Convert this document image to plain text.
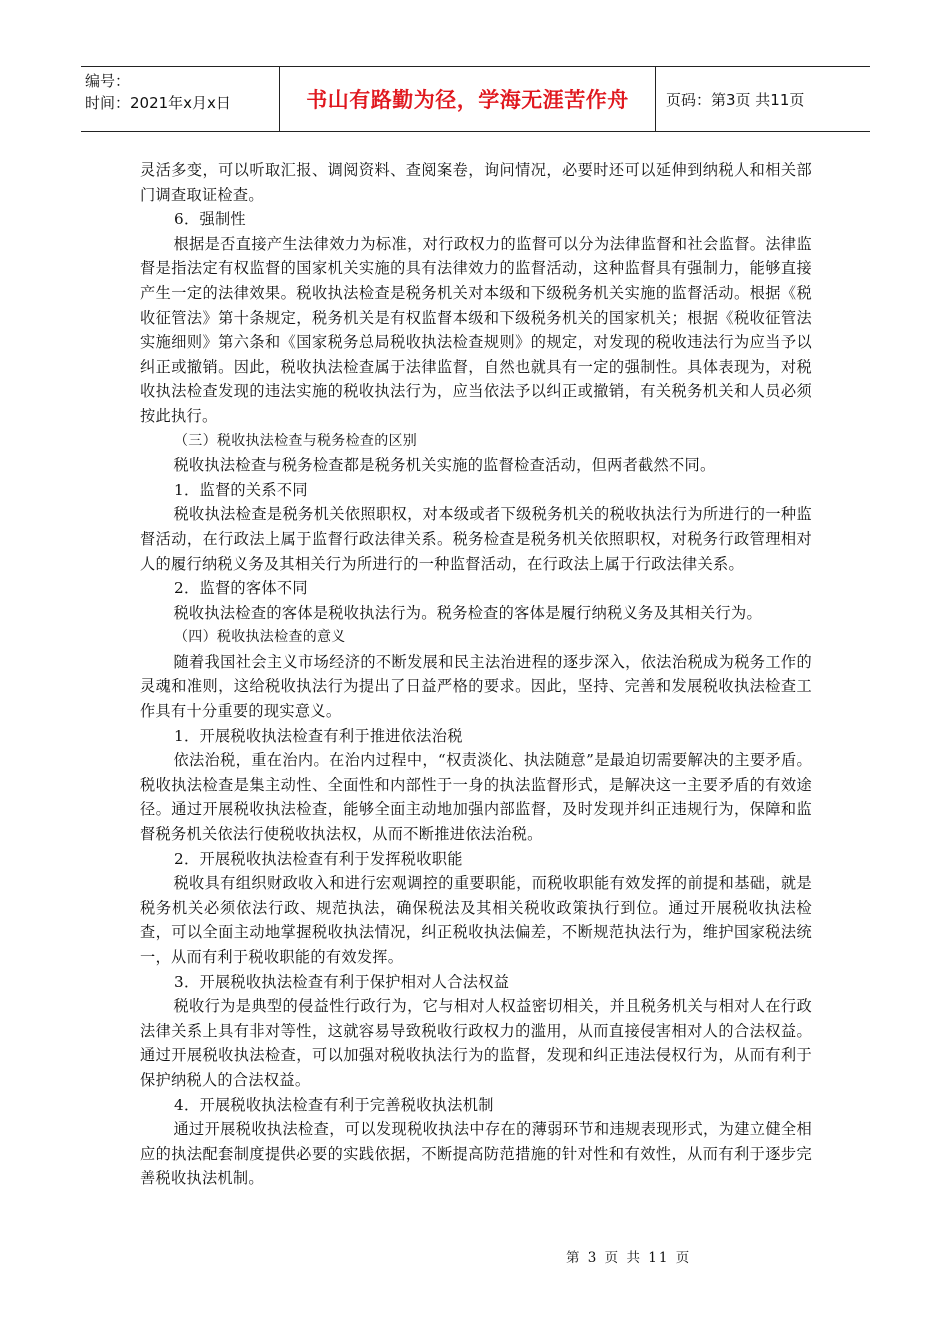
编号：
时间：2021年x月x日	书山有路勤为径，学海无涯苦作舟	页码：第3页 共11页

灵活多变，可以听取汇报、调阅资料、查阅案卷，询问情况，必要时还可以延伸到纳税人和相关部门调查取证检查。

6．强制性

根据是否直接产生法律效力为标准，对行政权力的监督可以分为法律监督和社会监督。法律监督是指法定有权监督的国家机关实施的具有法律效力的监督活动，这种监督具有强制力，能够直接产生一定的法律效果。税收执法检查是税务机关对本级和下级税务机关实施的监督活动。根据《税收征管法》第十条规定，税务机关是有权监督本级和下级税务机关的国家机关；根据《税收征管法实施细则》第六条和《国家税务总局税收执法检查规则》的规定，对发现的税收违法行为应当予以纠正或撤销。因此，税收执法检查属于法律监督，自然也就具有一定的强制性。具体表现为，对税收执法检查发现的违法实施的税收执法行为，应当依法予以纠正或撤销，有关税务机关和人员必须按此执行。

（三）税收执法检查与税务检查的区别

税收执法检查与税务检查都是税务机关实施的监督检查活动，但两者截然不同。

1．监督的关系不同

税收执法检查是税务机关依照职权，对本级或者下级税务机关的税收执法行为所进行的一种监督活动，在行政法上属于监督行政法律关系。税务检查是税务机关依照职权，对税务行政管理相对人的履行纳税义务及其相关行为所进行的一种监督活动，在行政法上属于行政法律关系。

2．监督的客体不同

税收执法检查的客体是税收执法行为。税务检查的客体是履行纳税义务及其相关行为。

（四）税收执法检查的意义

随着我国社会主义市场经济的不断发展和民主法治进程的逐步深入，依法治税成为税务工作的灵魂和准则，这给税收执法行为提出了日益严格的要求。因此，坚持、完善和发展税收执法检查工作具有十分重要的现实意义。

1．开展税收执法检查有利于推进依法治税

依法治税，重在治内。在治内过程中，“权责淡化、执法随意”是最迫切需要解决的主要矛盾。税收执法检查是集主动性、全面性和内部性于一身的执法监督形式，是解决这一主要矛盾的有效途径。通过开展税收执法检查，能够全面主动地加强内部监督，及时发现并纠正违规行为，保障和监督税务机关依法行使税收执法权，从而不断推进依法治税。

2．开展税收执法检查有利于发挥税收职能

税收具有组织财政收入和进行宏观调控的重要职能，而税收职能有效发挥的前提和基础，就是税务机关必须依法行政、规范执法，确保税法及其相关税收政策执行到位。通过开展税收执法检查，可以全面主动地掌握税收执法情况，纠正税收执法偏差，不断规范执法行为，维护国家税法统一，从而有利于税收职能的有效发挥。

3．开展税收执法检查有利于保护相对人合法权益

税收行为是典型的侵益性行政行为，它与相对人权益密切相关，并且税务机关与相对人在行政法律关系上具有非对等性，这就容易导致税收行政权力的滥用，从而直接侵害相对人的合法权益。通过开展税收执法检查，可以加强对税收执法行为的监督，发现和纠正违法侵权行为，从而有利于保护纳税人的合法权益。

4．开展税收执法检查有利于完善税收执法机制

通过开展税收执法检查，可以发现税收执法中存在的薄弱环节和违规表现形式，为建立健全相应的执法配套制度提供必要的实践依据，不断提高防范措施的针对性和有效性，从而有利于逐步完善税收执法机制。

第 3 页 共 11 页
